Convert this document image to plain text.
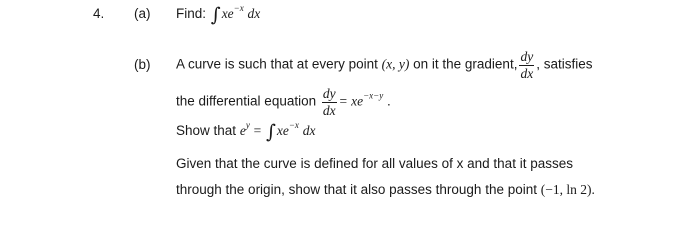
4. (a) Find: $\int xe^{-x}$ dx
(b) A curve is such that at every point (x, y) on it the gradient, $\frac{dy}{dx}$ , satisfies
the differential equation $\frac{dy}{dx} = xe^{-x-y}$ .
Show that $e^y = \int xe^{-x}$ dx
Given that the curve is defined for all values of x and that it passes
through the origin, show that it also passes through the point (−1, ln 2).
